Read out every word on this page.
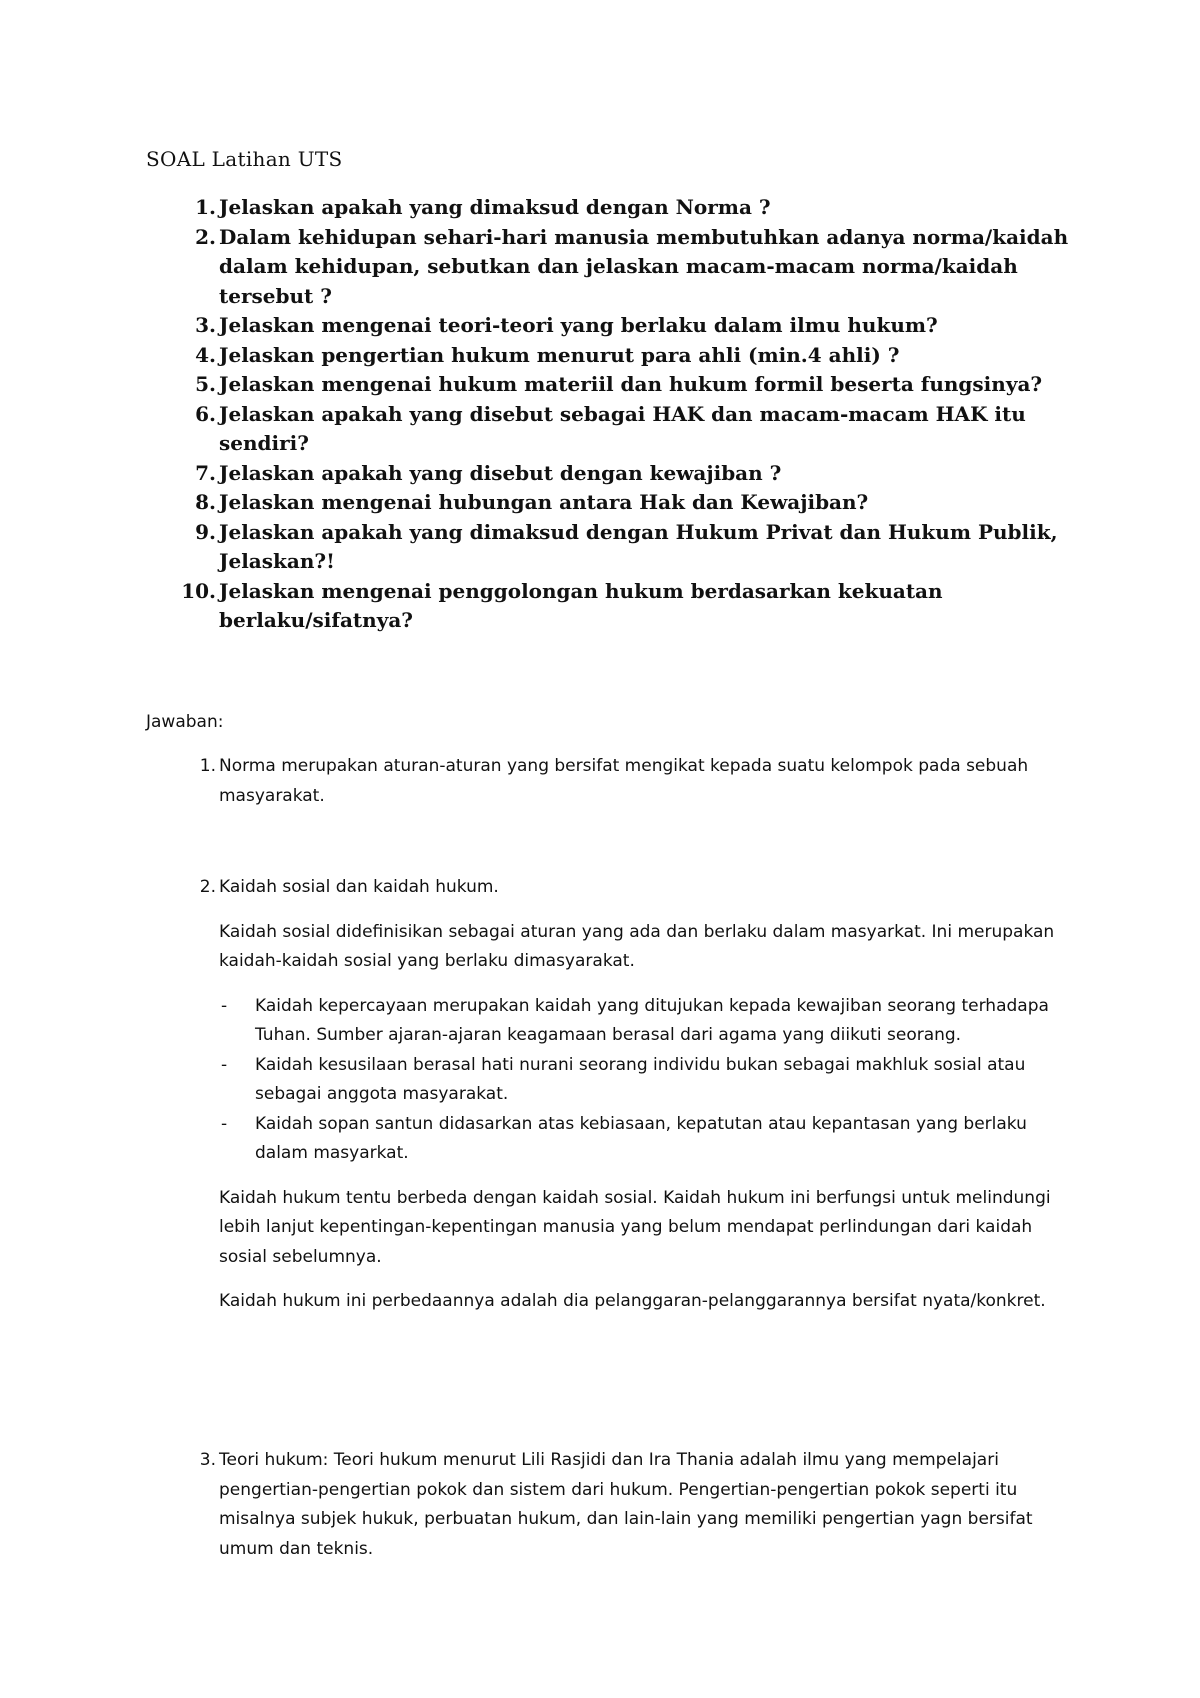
SOAL Latihan UTS
1. Jelaskan apakah yang dimaksud dengan Norma ?
2. Dalam kehidupan sehari-hari manusia membutuhkan adanya norma/kaidah dalam kehidupan, sebutkan dan jelaskan macam-macam norma/kaidah tersebut ?
3. Jelaskan mengenai teori-teori yang berlaku dalam ilmu hukum?
4. Jelaskan pengertian hukum menurut para ahli (min.4 ahli) ?
5. Jelaskan mengenai hukum materiil dan hukum formil beserta fungsinya?
6. Jelaskan apakah yang disebut sebagai HAK dan macam-macam HAK itu sendiri?
7. Jelaskan apakah yang disebut dengan kewajiban ?
8. Jelaskan mengenai hubungan antara Hak dan Kewajiban?
9. Jelaskan apakah yang dimaksud dengan Hukum Privat dan Hukum Publik, Jelaskan?!
10. Jelaskan mengenai penggolongan hukum berdasarkan kekuatan berlaku/sifatnya?
Jawaban:
1. Norma merupakan aturan-aturan yang bersifat mengikat kepada suatu kelompok pada sebuah masyarakat.

2. Kaidah sosial dan kaidah hukum.

Kaidah sosial didefinisikan sebagai aturan yang ada dan berlaku dalam masyarkat. Ini merupakan kaidah-kaidah sosial yang berlaku dimasyarakat.

- Kaidah kepercayaan merupakan kaidah yang ditujukan kepada kewajiban seorang terhadapa Tuhan. Sumber ajaran-ajaran keagamaan berasal dari agama yang diikuti seorang.
- Kaidah kesusilaan berasal hati nurani seorang individu bukan sebagai makhluk sosial atau sebagai anggota masyarakat.
- Kaidah sopan santun didasarkan atas kebiasaan, kepatutan atau kepantasan yang berlaku dalam masyarkat.

Kaidah hukum tentu berbeda dengan kaidah sosial. Kaidah hukum ini berfungsi untuk melindungi lebih lanjut kepentingan-kepentingan manusia yang belum mendapat perlindungan dari kaidah sosial sebelumnya.

Kaidah hukum ini perbedaannya adalah dia pelanggaran-pelanggarannya bersifat nyata/konkret.

3. Teori hukum: Teori hukum menurut Lili Rasjidi dan Ira Thania adalah ilmu yang mempelajari pengertian-pengertian pokok dan sistem dari hukum. Pengertian-pengertian pokok seperti itu misalnya subjek hukuk, perbuatan hukum, dan lain-lain yang memiliki pengertian yagn bersifat umum dan teknis.
